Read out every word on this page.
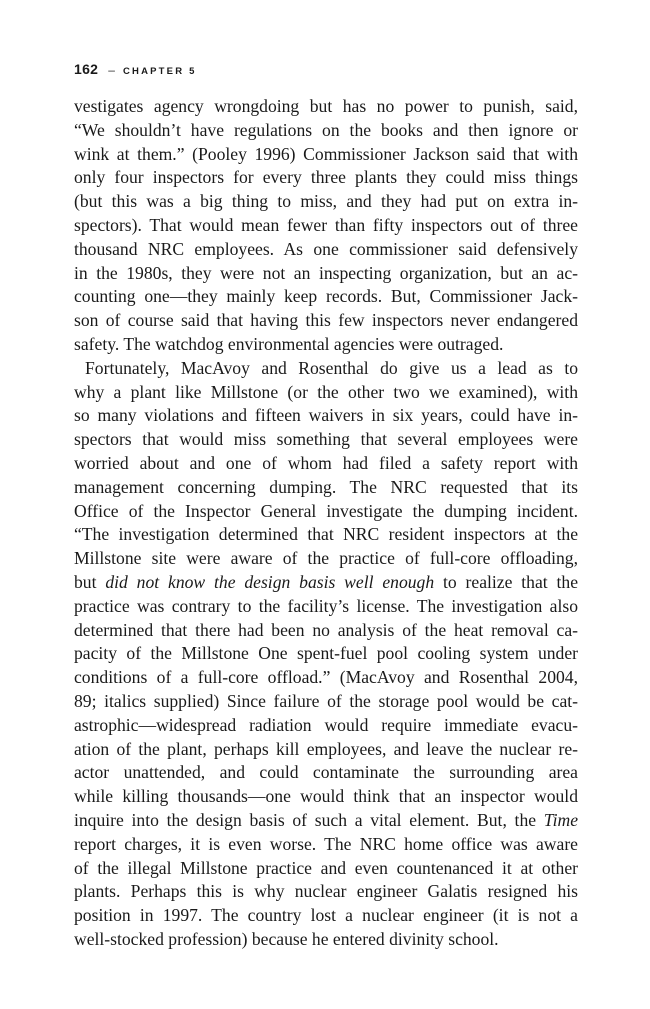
162 – CHAPTER 5
vestigates agency wrongdoing but has no power to punish, said,
“We shouldn’t have regulations on the books and then ignore or
wink at them.” (Pooley 1996) Commissioner Jackson said that with
only four inspectors for every three plants they could miss things
(but this was a big thing to miss, and they had put on extra in-
spectors). That would mean fewer than fifty inspectors out of three
thousand NRC employees. As one commissioner said defensively
in the 1980s, they were not an inspecting organization, but an ac-
counting one—they mainly keep records. But, Commissioner Jack-
son of course said that having this few inspectors never endangered
safety. The watchdog environmental agencies were outraged.
Fortunately, MacAvoy and Rosenthal do give us a lead as to
why a plant like Millstone (or the other two we examined), with
so many violations and fifteen waivers in six years, could have in-
spectors that would miss something that several employees were
worried about and one of whom had filed a safety report with
management concerning dumping. The NRC requested that its
Office of the Inspector General investigate the dumping incident.
“The investigation determined that NRC resident inspectors at the
Millstone site were aware of the practice of full-core offloading,
but did not know the design basis well enough to realize that the
practice was contrary to the facility’s license. The investigation also
determined that there had been no analysis of the heat removal ca-
pacity of the Millstone One spent-fuel pool cooling system under
conditions of a full-core offload.” (MacAvoy and Rosenthal 2004,
89; italics supplied) Since failure of the storage pool would be cat-
astrophic—widespread radiation would require immediate evacu-
ation of the plant, perhaps kill employees, and leave the nuclear re-
actor unattended, and could contaminate the surrounding area
while killing thousands—one would think that an inspector would
inquire into the design basis of such a vital element. But, the Time
report charges, it is even worse. The NRC home office was aware
of the illegal Millstone practice and even countenanced it at other
plants. Perhaps this is why nuclear engineer Galatis resigned his
position in 1997. The country lost a nuclear engineer (it is not a
well-stocked profession) because he entered divinity school.
